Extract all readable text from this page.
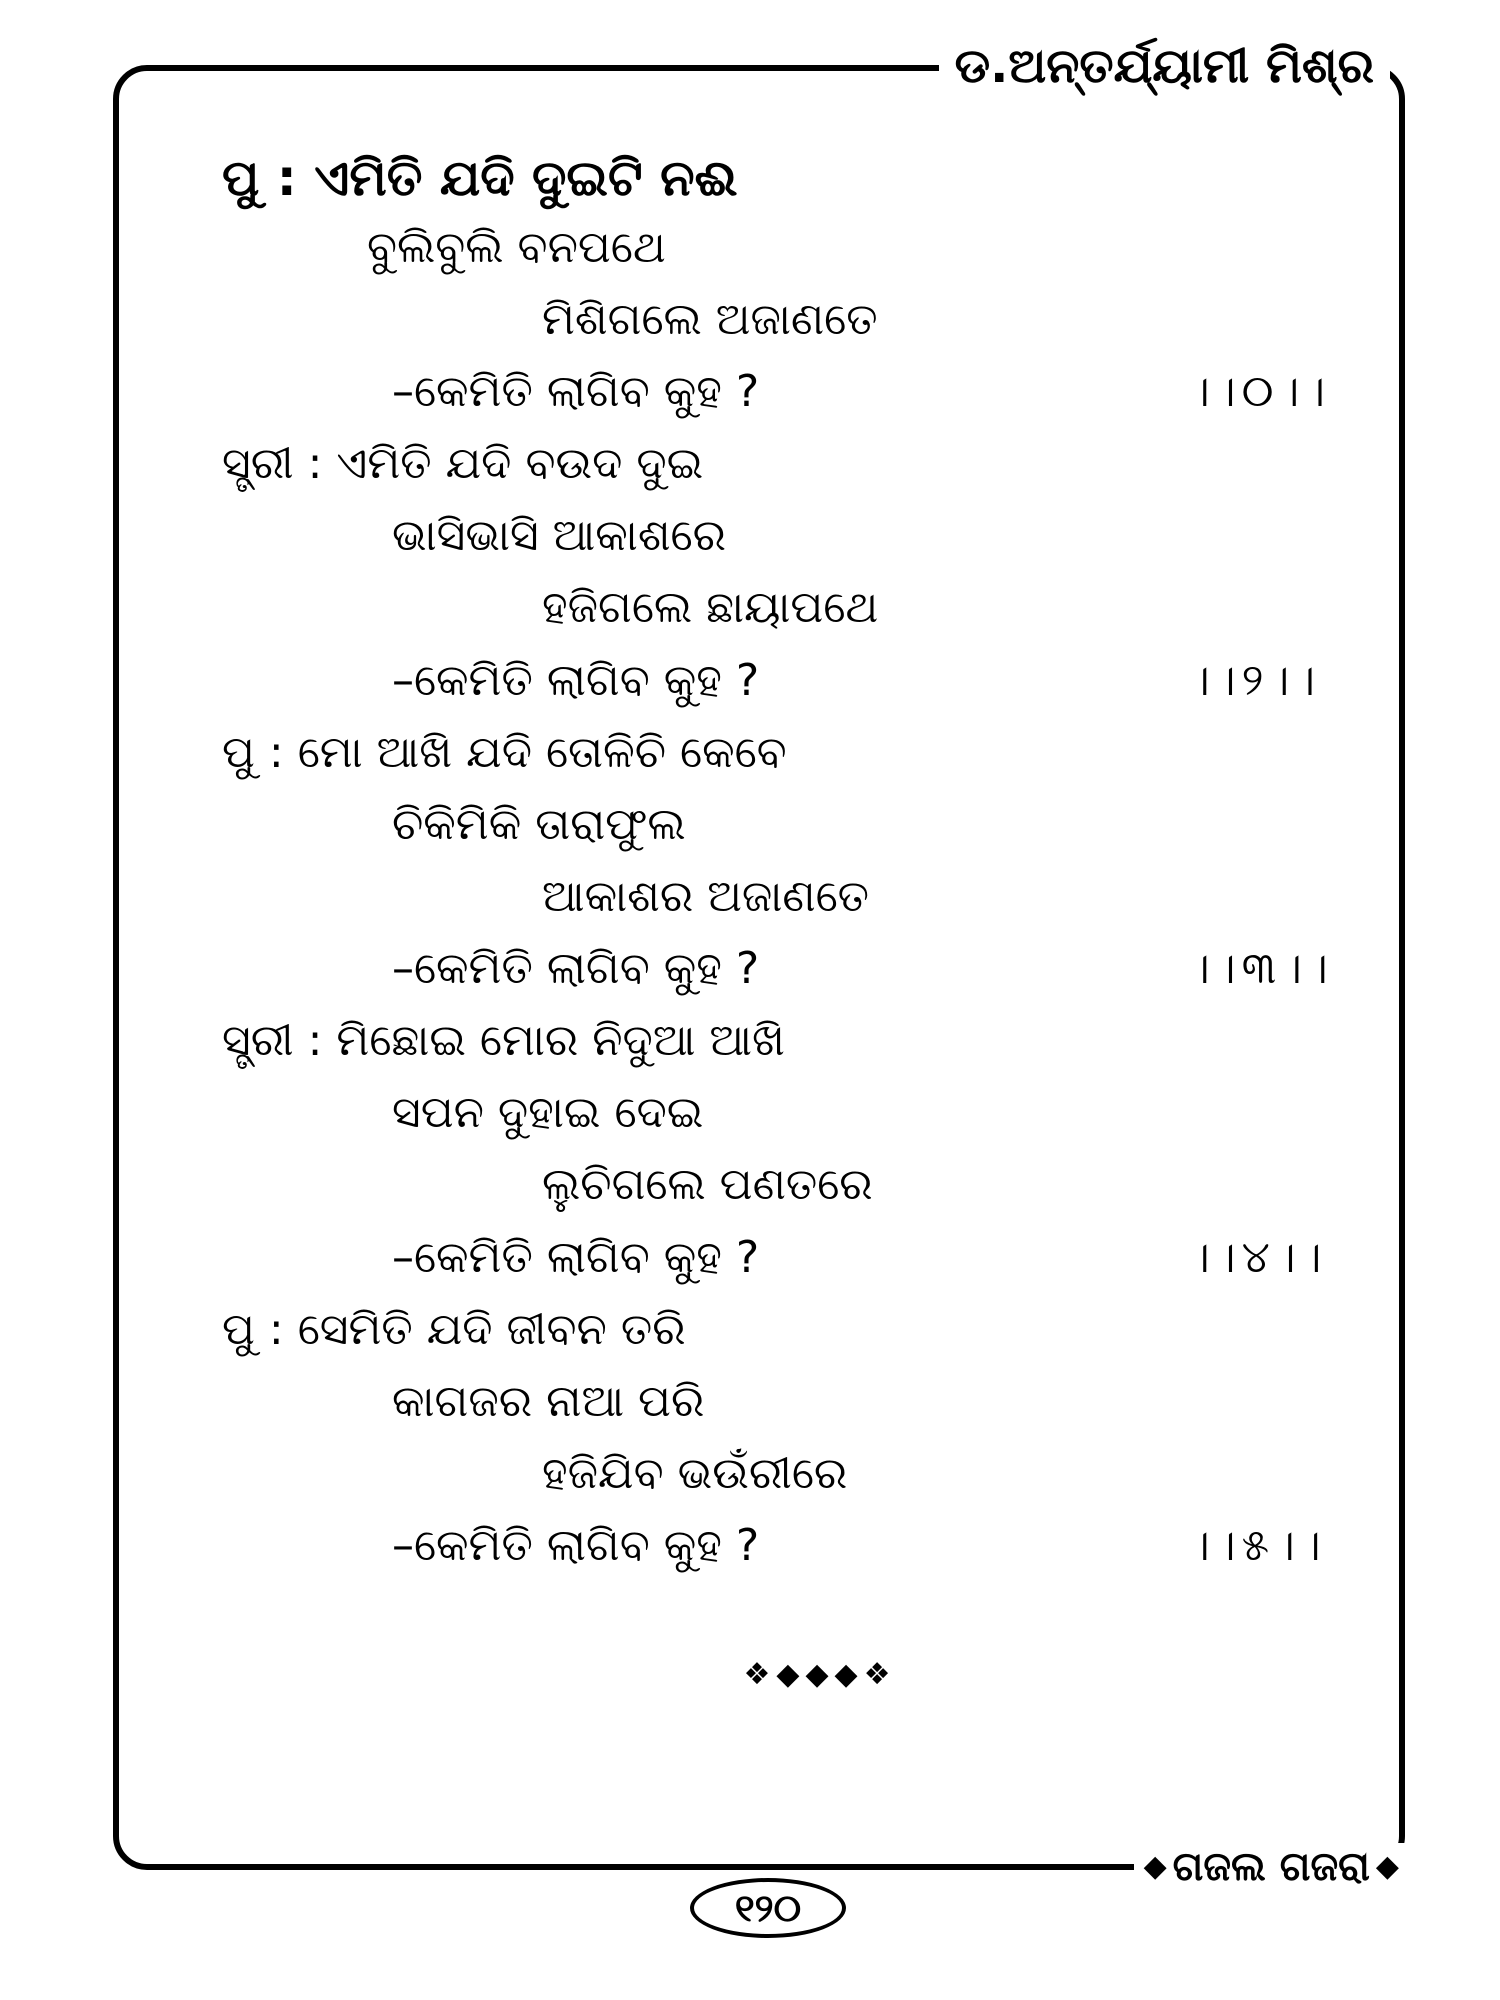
ଡ.ଅନ୍ତର୍ଯ୍ୟାମୀ ମିଶ୍ର
ପୁ : ଏମିତି ଯଦି ଦୁଇଟି ନଈ
ବୁଲିବୁଲି ବନପଥେ
ମିଶିଗଲେ ଅଜାଣତେ
–କେମିତି ଲାଗିବ କୁହ ?	।।୦।।
ସ୍ତ୍ରୀ : ଏମିତି ଯଦି ବଉଦ ଦୁଇ
ଭାସିଭାସି ଆକାଶରେ
ହଜିଗଲେ ଛାୟାପଥେ
–କେମିତି ଲାଗିବ କୁହ ?	।।୨।।
ପୁ : ମୋ ଆଖି ଯଦି ତୋଳିଚି କେବେ
ଚିକିମିକି ତାରାଫୁଲ
ଆକାଶର ଅଜାଣତେ
–କେମିତି ଲାଗିବ କୁହ ?	।।୩।।
ସ୍ତ୍ରୀ : ମିଛୋଇ ମୋର ନିଦୁଆ ଆଖି
ସପନ ଦୁହାଇ ଦେଇ
ଲୁଚିଗଲେ ପଣତରେ
–କେମିତି ଲାଗିବ କୁହ ?	।।୪।।
ପୁ : ସେମିତି ଯଦି ଜୀବନ ତରି
କାଗଜର ନାଆ ପରି
ହଜିଯିବ ଭଉଁରୀରେ
–କେମିତି ଲାଗିବ କୁହ ?	।।୫।।
❖◆◆◆❖
◆ ଗଜଲ ଗଜରା ◆
୧୨୦
